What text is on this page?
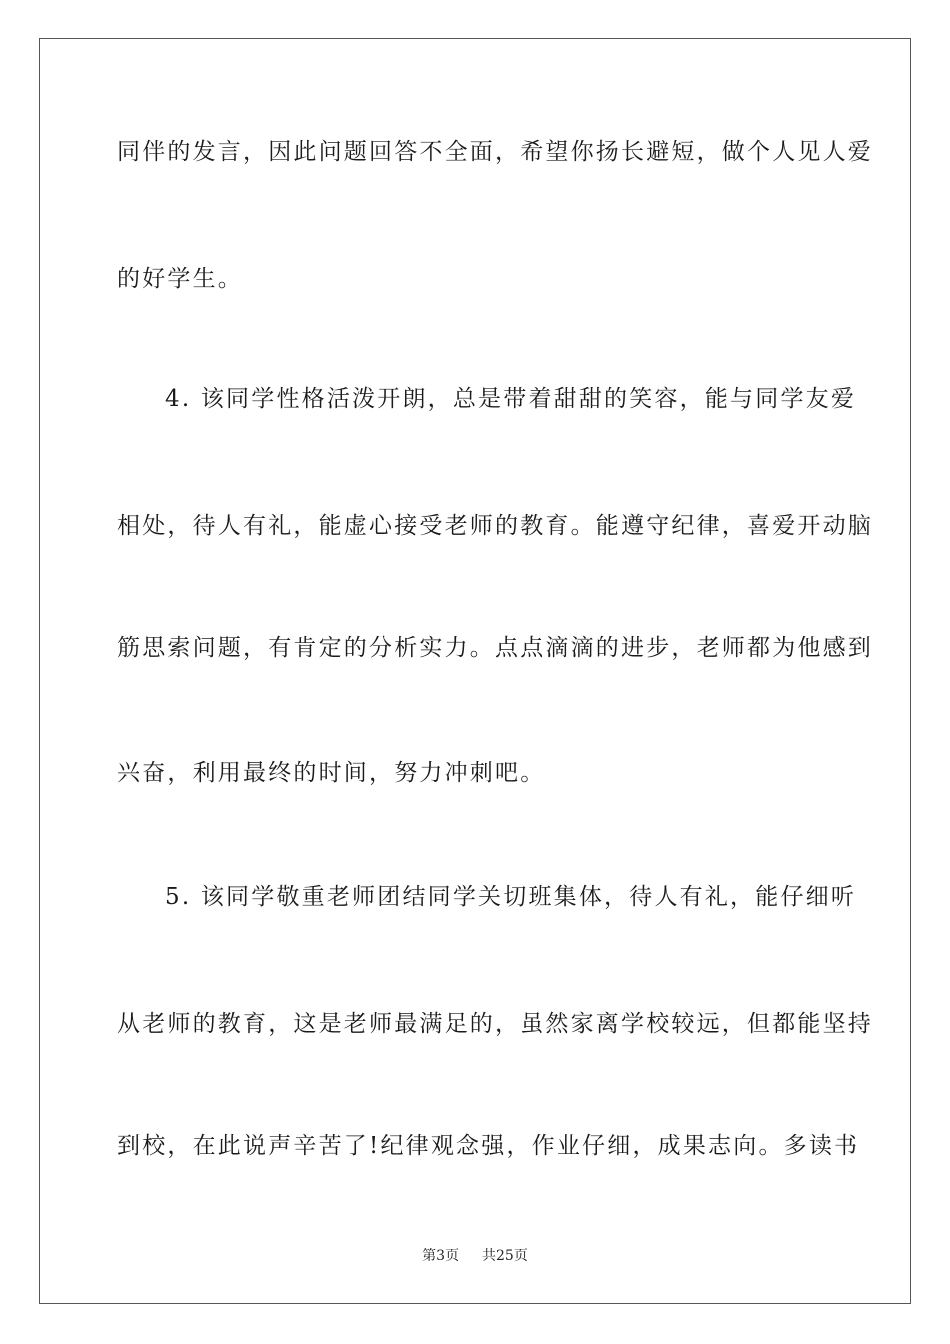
同伴的发言，因此问题回答不全面，希望你扬长避短，做个人见人爱
的好学生。
4. 该同学性格活泼开朗，总是带着甜甜的笑容，能与同学友爱
相处，待人有礼，能虚心接受老师的教育。能遵守纪律，喜爱开动脑
筋思索问题，有肯定的分析实力。点点滴滴的进步，老师都为他感到
兴奋，利用最终的时间，努力冲刺吧。
5. 该同学敬重老师团结同学关切班集体，待人有礼，能仔细听
从老师的教育，这是老师最满足的，虽然家离学校较远，但都能坚持
到校，在此说声辛苦了!纪律观念强，作业仔细，成果志向。多读书
第3页 共25页
